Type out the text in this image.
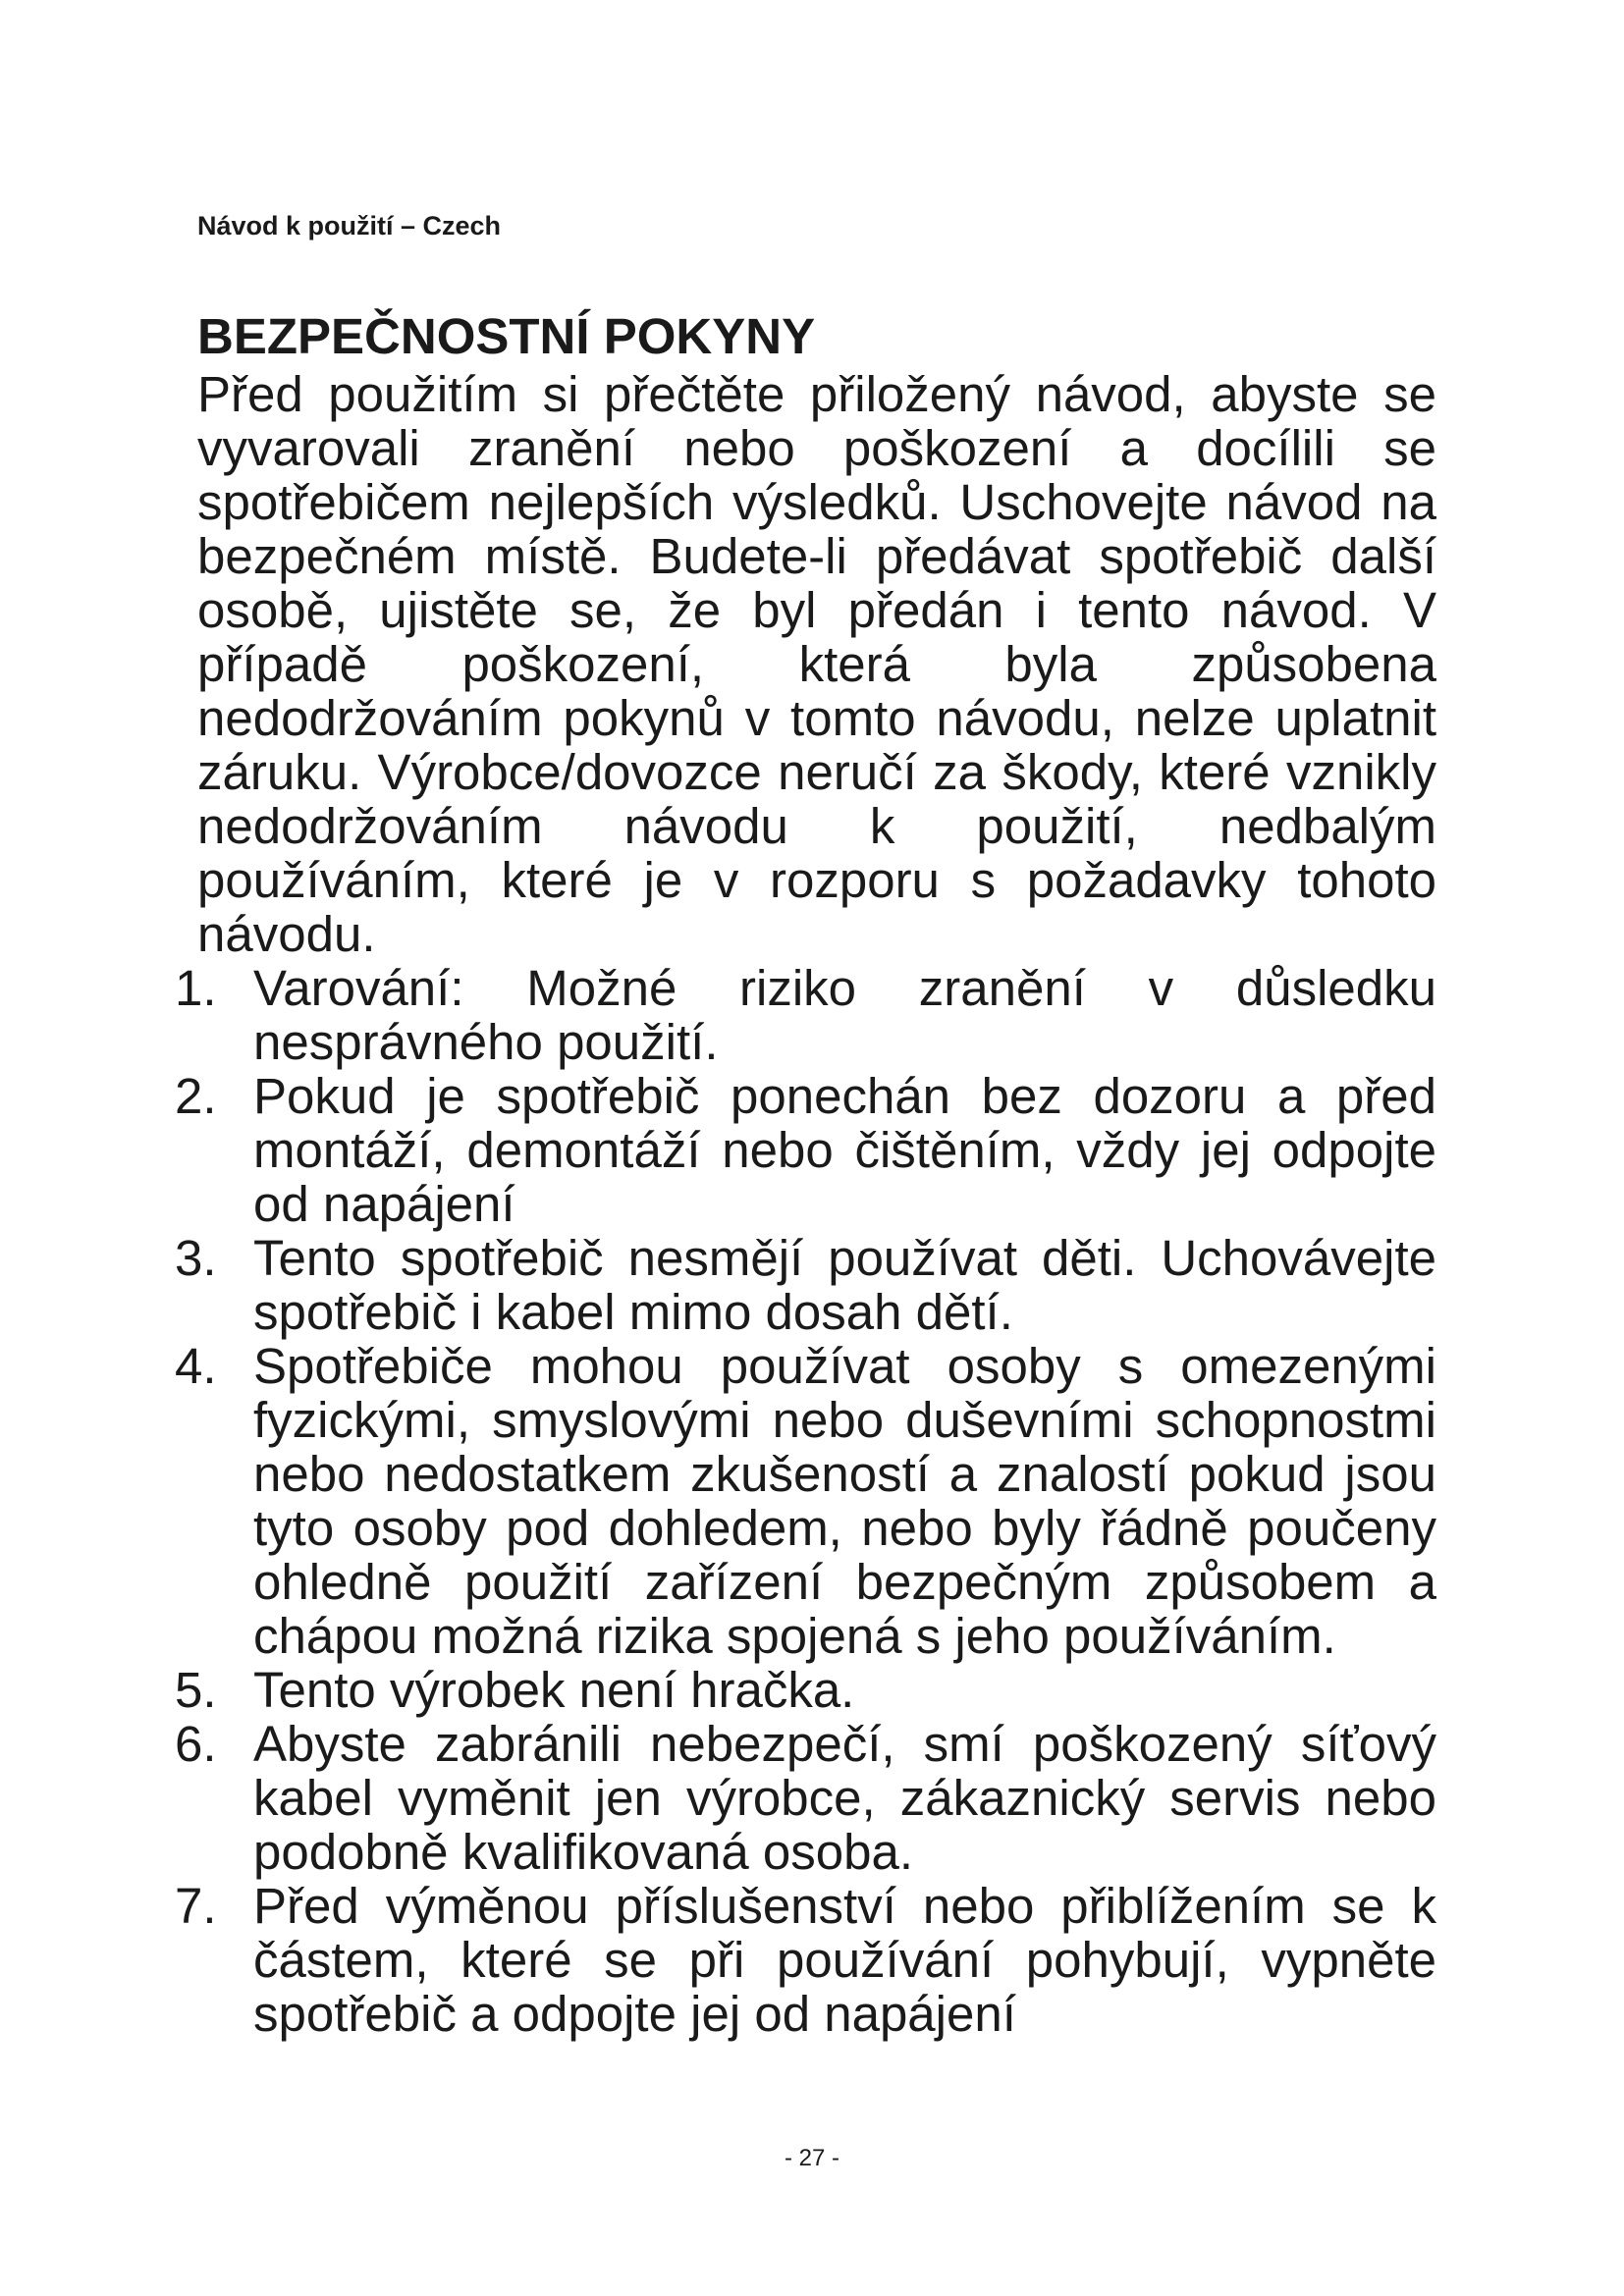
Návod k použití – Czech
BEZPEČNOSTNÍ POKYNY

Před použitím si přečtěte přiložený návod, abyste se vyvarovali zranění nebo poškození a docílili se spotřebičem nejlepších výsledků. Uschovejte návod na bezpečném místě. Budete-li předávat spotřebič další osobě, ujistěte se, že byl předán i tento návod. V případě poškození, která byla způsobena nedodržováním pokynů v tomto návodu, nelze uplatnit záruku. Výrobce/dovozce neručí za škody, které vznikly nedodržováním návodu k použití, nedbalým používáním, které je v rozporu s požadavky tohoto návodu.

1. Varování: Možné riziko zranění v důsledku nesprávného použití.
2. Pokud je spotřebič ponechán bez dozoru a před montáží, demontáží nebo čištěním, vždy jej odpojte od napájení
3. Tento spotřebič nesmějí používat děti. Uchovávejte spotřebič i kabel mimo dosah dětí.
4. Spotřebiče mohou používat osoby s omezenými fyzickými, smyslovými nebo duševními schopnostmi nebo nedostatkem zkušeností a znalostí pokud jsou tyto osoby pod dohledem, nebo byly řádně poučeny ohledně použití zařízení bezpečným způsobem a chápou možná rizika spojená s jeho používáním.
5. Tento výrobek není hračka.
6. Abyste zabránili nebezpečí, smí poškozený síťový kabel vyměnit jen výrobce, zákaznický servis nebo podobně kvalifikovaná osoba.
7. Před výměnou příslušenství nebo přiblížením se k částem, které se při používání pohybují, vypněte spotřebič a odpojte jej od napájení
- 27 -
